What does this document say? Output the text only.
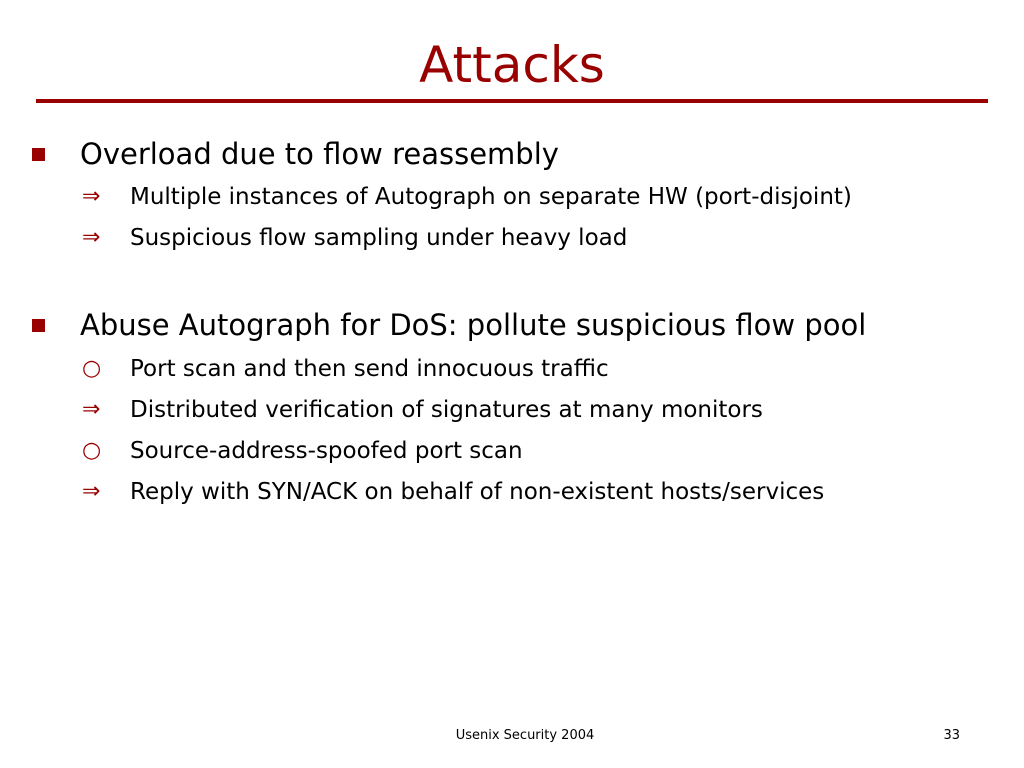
Attacks
Overload due to flow reassembly
⇒	Multiple instances of Autograph on separate HW (port-disjoint)
⇒	Suspicious flow sampling under heavy load
Abuse Autograph for DoS: pollute suspicious flow pool
○	Port scan and then send innocuous traffic
⇒	Distributed verification of signatures at many monitors
○	Source-address-spoofed port scan
⇒	Reply with SYN/ACK on behalf of non-existent hosts/services
Usenix Security 2004	33
